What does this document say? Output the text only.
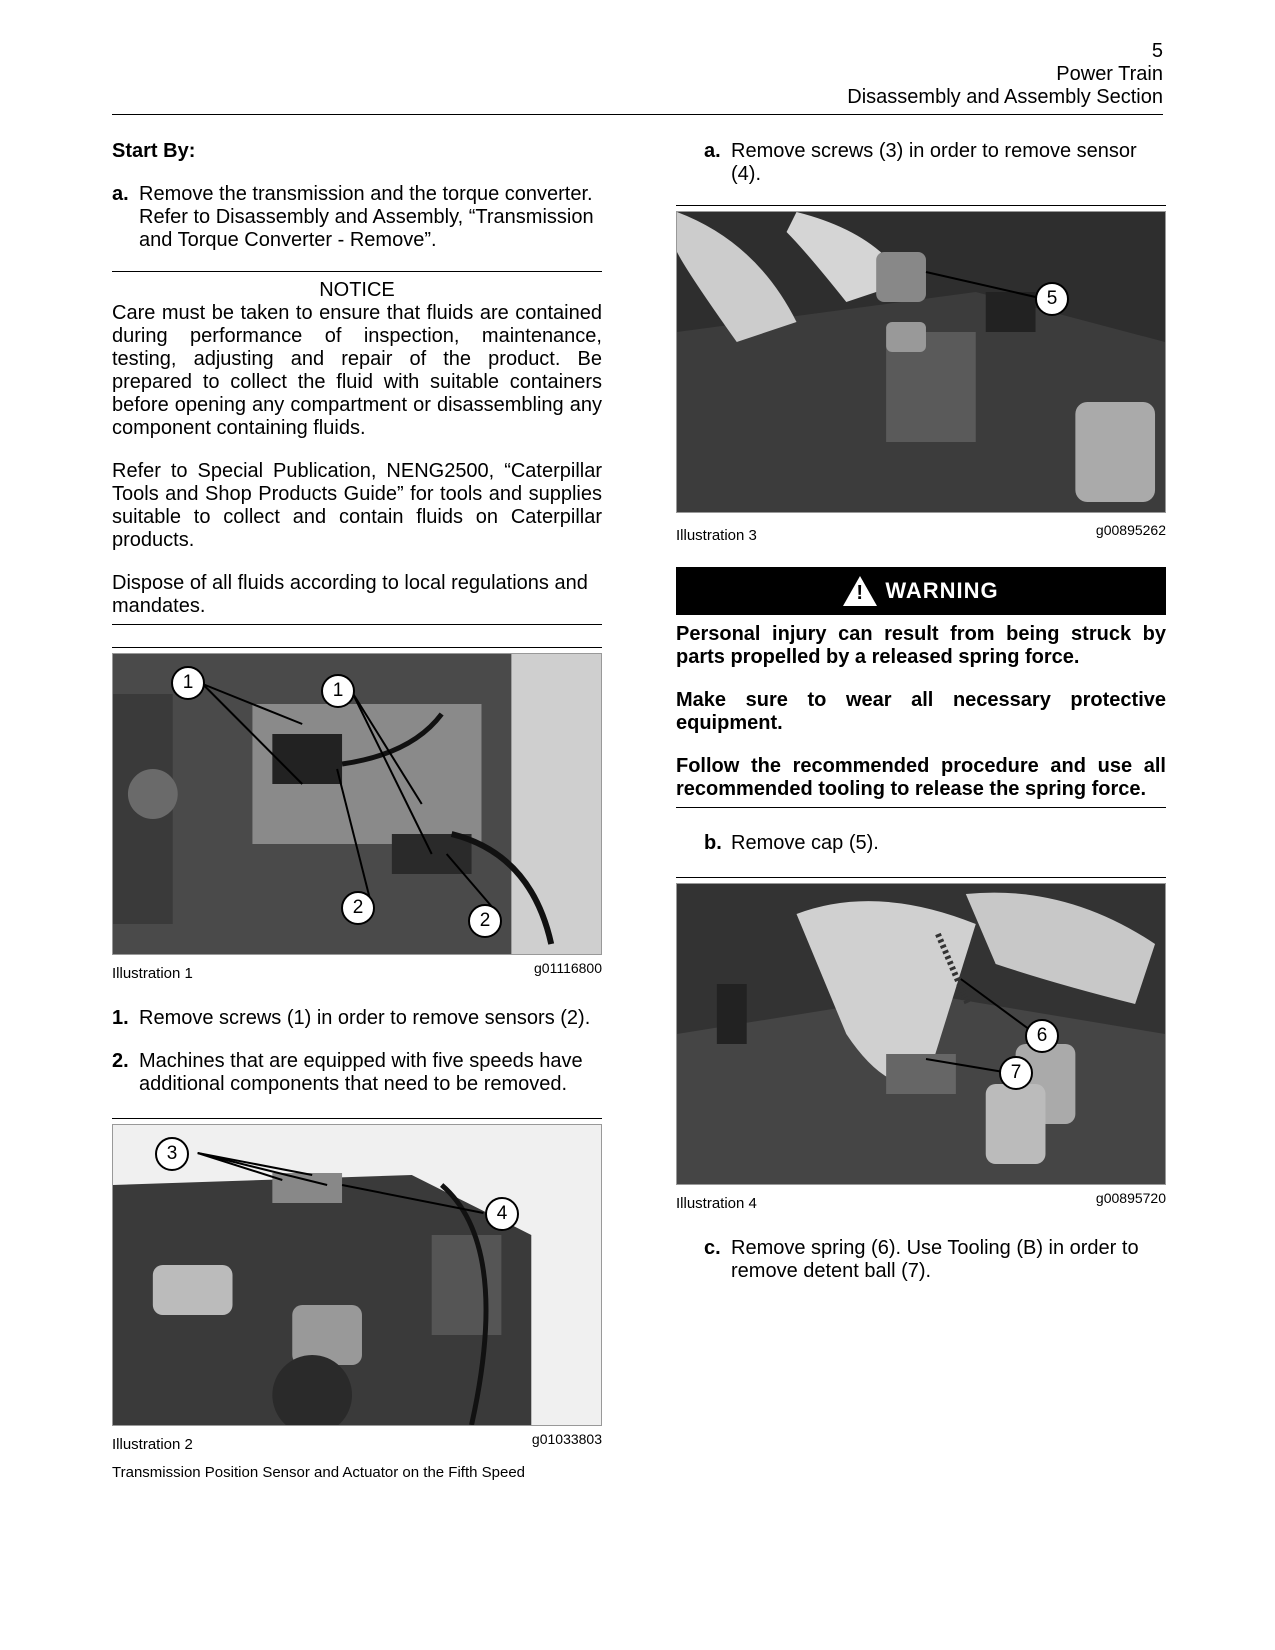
5
Power Train
Disassembly and Assembly Section

Start By:

a. Remove the transmission and the torque converter. Refer to Disassembly and Assembly, “Transmission and Torque Converter - Remove”.

NOTICE

Care must be taken to ensure that fluids are contained during performance of inspection, maintenance, testing, adjusting and repair of the product. Be prepared to collect the fluid with suitable containers before opening any compartment or disassembling any component containing fluids.

Refer to Special Publication, NENG2500, “Caterpillar Tools and Shop Products Guide” for tools and supplies suitable to collect and contain fluids on Caterpillar products.

Dispose of all fluids according to local regulations and mandates.

1	1
2
2
Illustration 1	g01116800

1. Remove screws (1) in order to remove sensors (2).

2. Machines that are equipped with five speeds have additional components that need to be removed.

3
4
Illustration 2	g01033803

Transmission Position Sensor and Actuator on the Fifth Speed

a. Remove screws (3) in order to remove sensor (4).

5
Illustration 3	g00895262
! WARNING

Personal injury can result from being struck by parts propelled by a released spring force.

Make sure to wear all necessary protective equipment.

Follow the recommended procedure and use all recommended tooling to release the spring force.

b. Remove cap (5).

6
7
Illustration 4	g00895720

c. Remove spring (6). Use Tooling (B) in order to remove detent ball (7).
